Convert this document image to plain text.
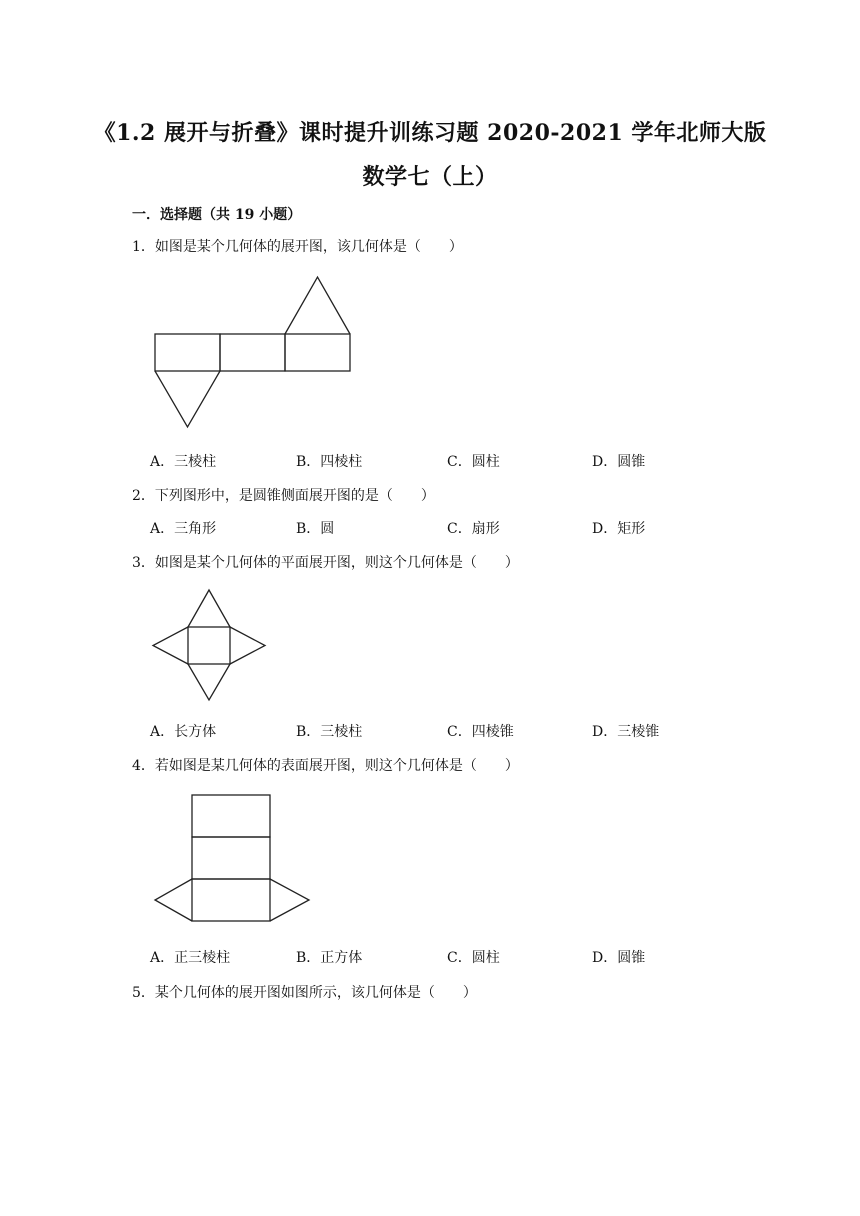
《1.2 展开与折叠》课时提升训练习题 2020-2021 学年北师大版
数学七（上）
一．选择题（共 19 小题）
1．如图是某个几何体的展开图，该几何体是（　　）
A．三棱柱	B．四棱柱	C．圆柱	D．圆锥
2．下列图形中，是圆锥侧面展开图的是（　　）
A．三角形	B．圆	C．扇形	D．矩形
3．如图是某个几何体的平面展开图，则这个几何体是（　　）
A．长方体	B．三棱柱	C．四棱锥	D．三棱锥
4．若如图是某几何体的表面展开图，则这个几何体是（　　）
A．正三棱柱	B．正方体	C．圆柱	D．圆锥
5．某个几何体的展开图如图所示，该几何体是（　　）
